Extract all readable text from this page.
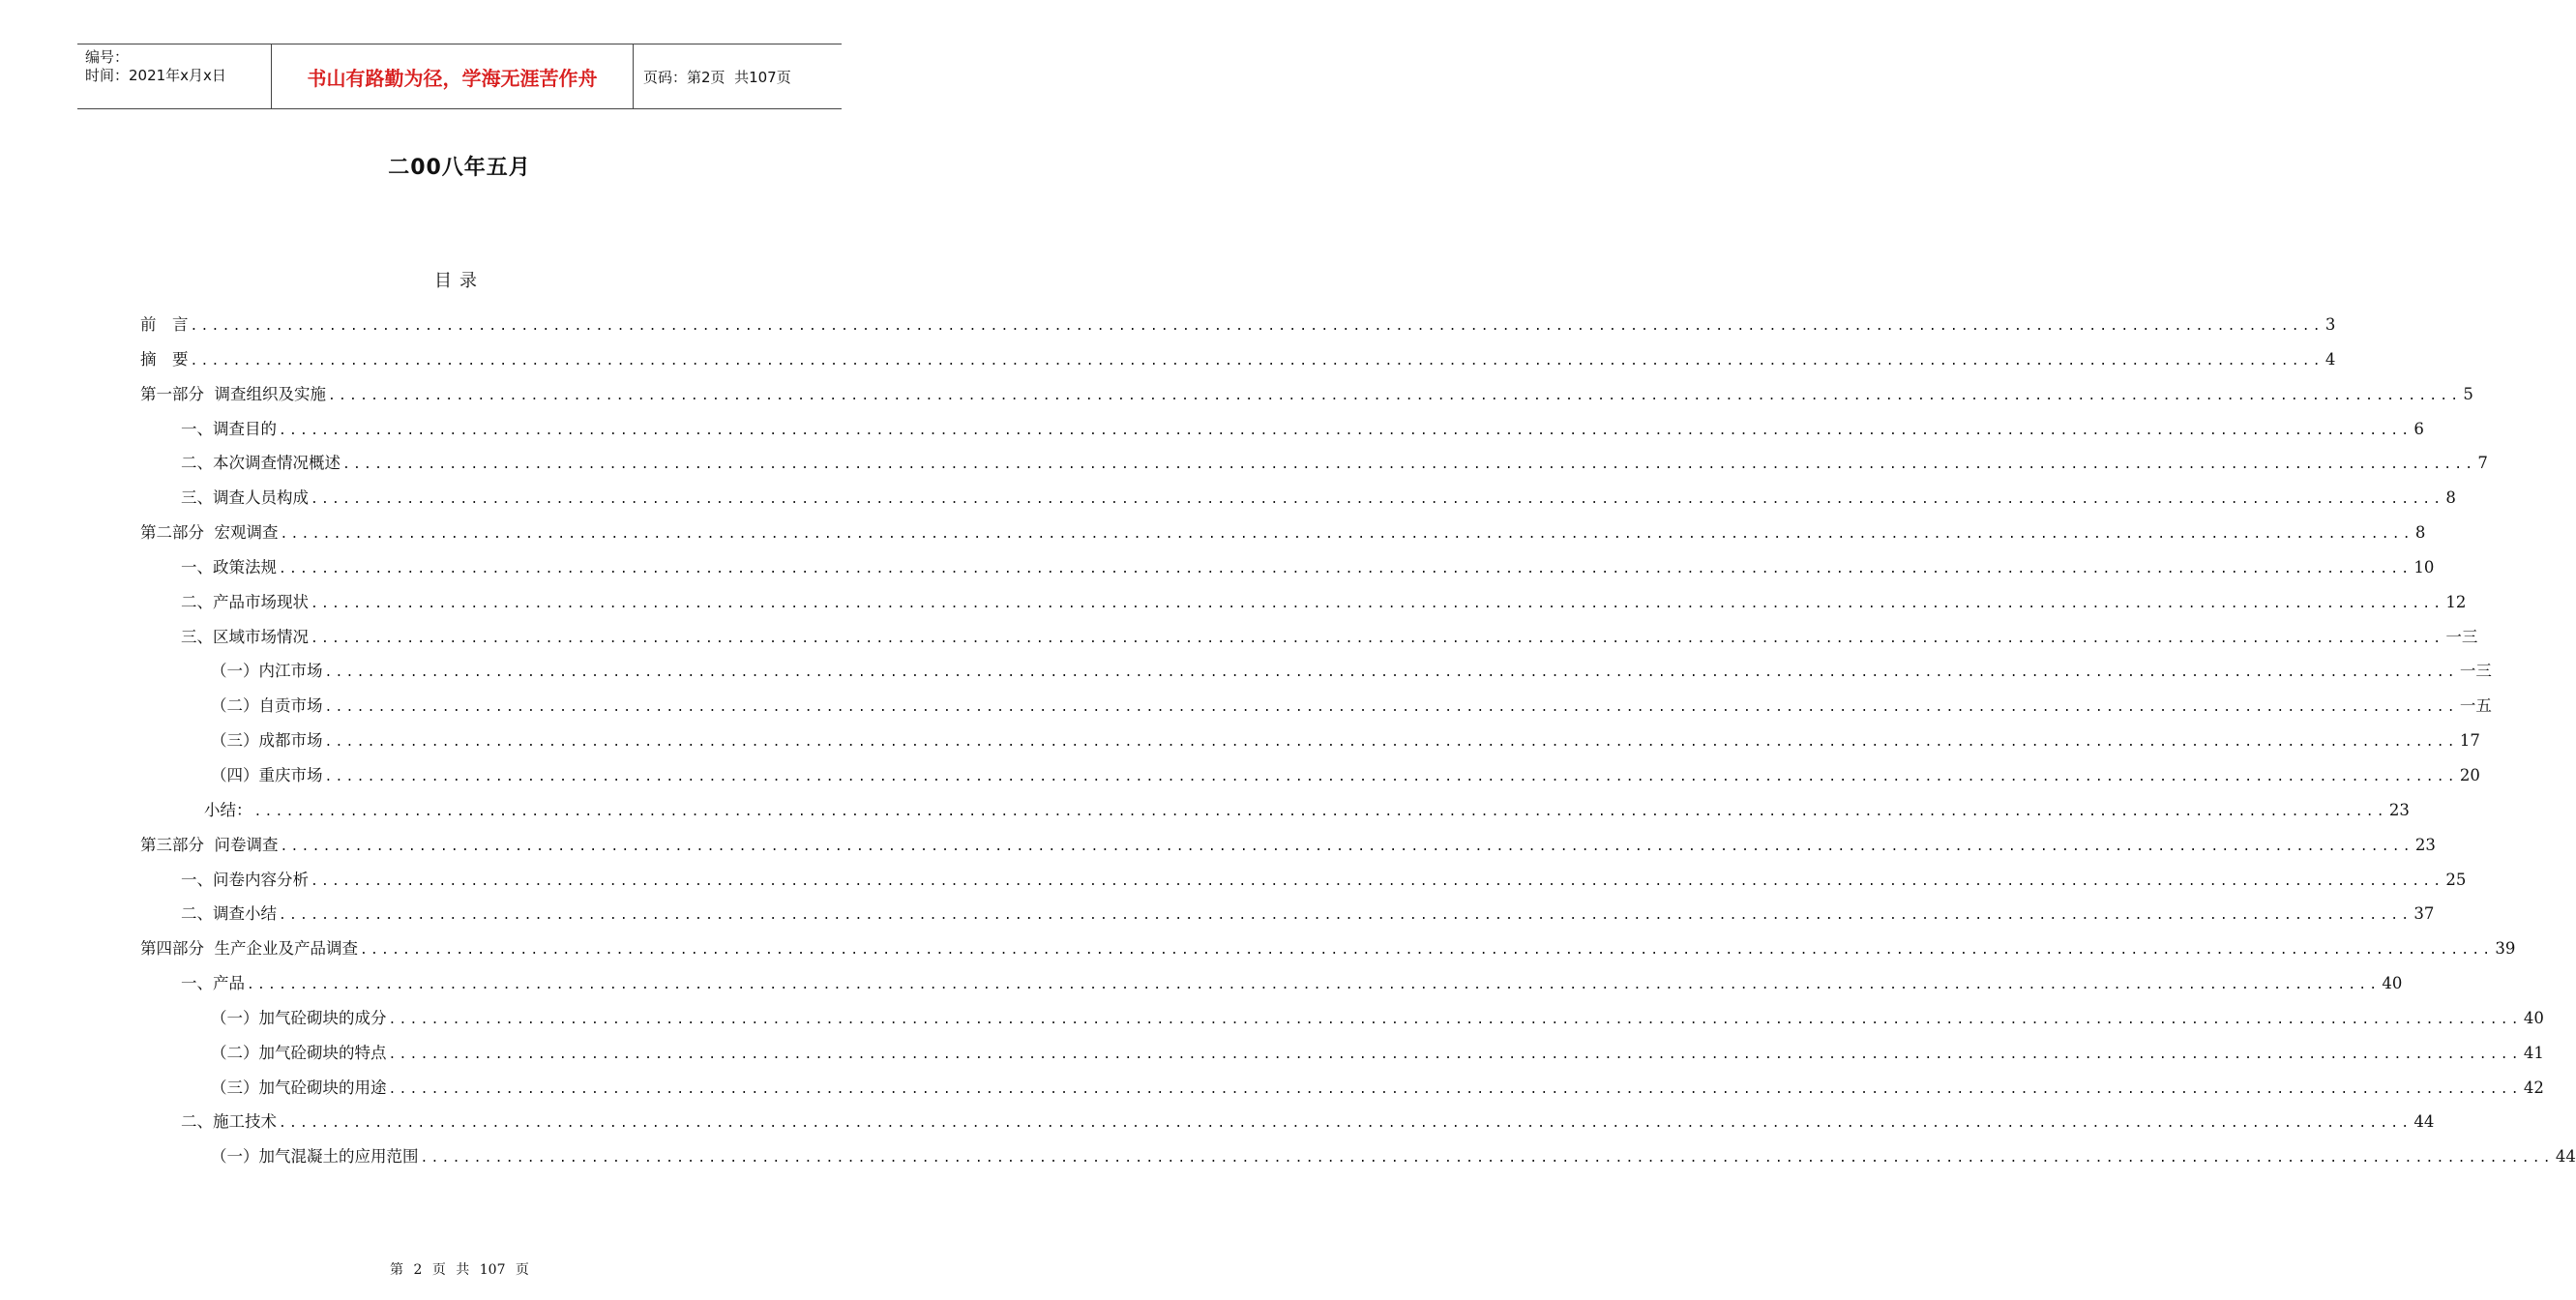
编号：
时间：2021年x月x日	书山有路勤为径，学海无涯苦作舟	页码：第2页  共107页
二00八年五月
目录
前　言 ........................................................................................................................................................................................................ 3
摘　要 ........................................................................................................................................................................................................ 4
第一部分  调查组织及实施 ........................................................................................................................................................................................................ 5
一、调查目的 ........................................................................................................................................................................................................ 6
二、本次调查情况概述 ........................................................................................................................................................................................................ 7
三、调查人员构成 ........................................................................................................................................................................................................ 8
第二部分  宏观调查 ........................................................................................................................................................................................................ 8
一、政策法规 ........................................................................................................................................................................................................ 10
二、产品市场现状 ........................................................................................................................................................................................................ 12
三、区域市场情况 ........................................................................................................................................................................................................ 一三
（一）内江市场 ........................................................................................................................................................................................................ 一三
（二）自贡市场 ........................................................................................................................................................................................................ 一五
（三）成都市场 ........................................................................................................................................................................................................ 17
（四）重庆市场 ........................................................................................................................................................................................................ 20
小结： ........................................................................................................................................................................................................ 23
第三部分  问卷调查 ........................................................................................................................................................................................................ 23
一、问卷内容分析 ........................................................................................................................................................................................................ 25
二、调查小结 ........................................................................................................................................................................................................ 37
第四部分  生产企业及产品调查 ........................................................................................................................................................................................................ 39
一、产品 ........................................................................................................................................................................................................ 40
（一）加气砼砌块的成分 ........................................................................................................................................................................................................ 40
（二）加气砼砌块的特点 ........................................................................................................................................................................................................ 41
（三）加气砼砌块的用途 ........................................................................................................................................................................................................ 42
二、施工技术 ........................................................................................................................................................................................................ 44
（一）加气混凝土的应用范围 ........................................................................................................................................................................................................ 44
第 2 页 共 107 页
